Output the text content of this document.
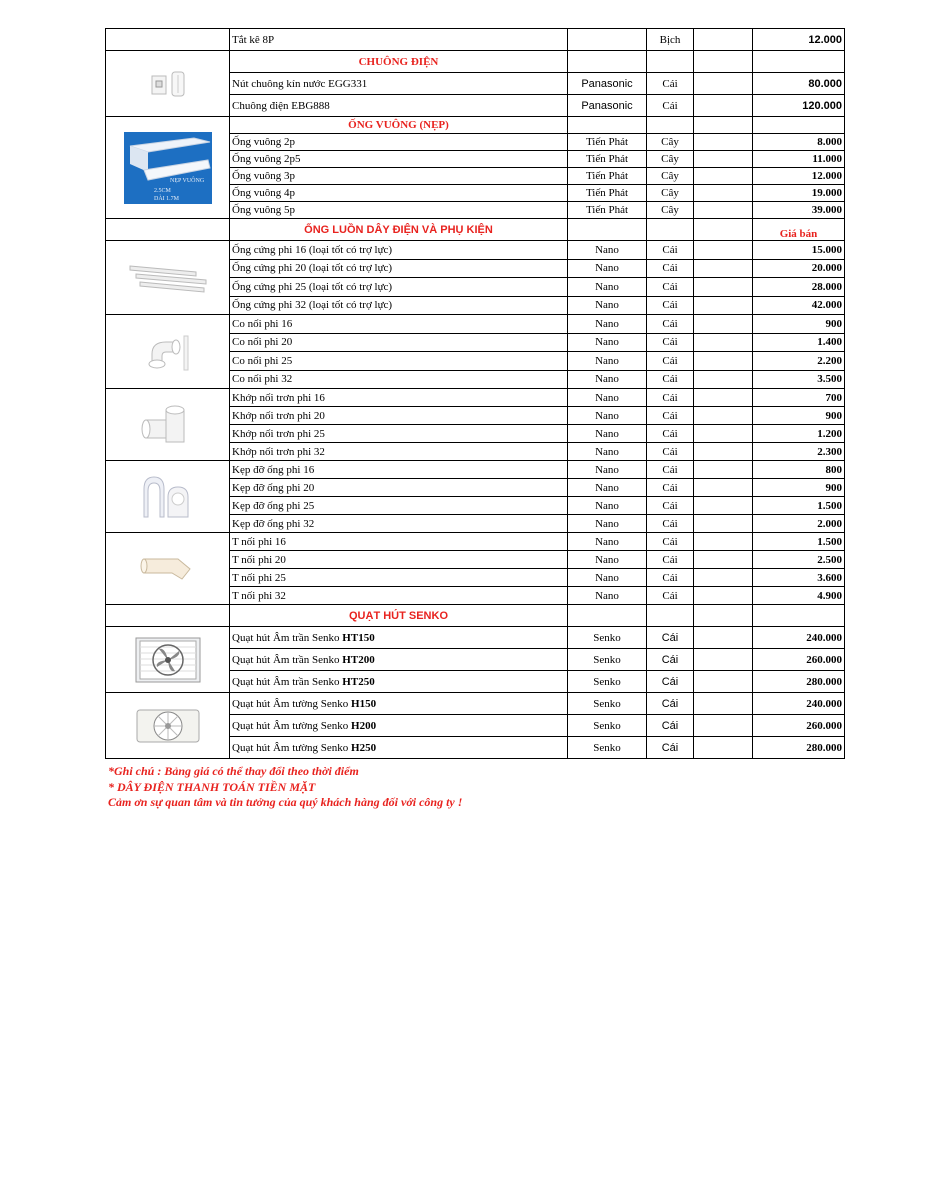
	Tắt kê 8P		Bịch		12.000

	CHUÔNG ĐIỆN				
	Nút chuông kín nước EGG331	Panasonic	Cái		80.000
	Chuông điện EBG888	Panasonic	Cái		120.000

NẸP VUÔNG
2.5CM
DÀI 1.7M	ỐNG VUÔNG (NẸP)				
	Ống vuông 2p	Tiến Phát	Cây		8.000
	Ống vuông 2p5	Tiến Phát	Cây		11.000
	Ống vuông 3p	Tiến Phát	Cây		12.000
	Ống vuông 4p	Tiến Phát	Cây		19.000
	Ống vuông 5p	Tiến Phát	Cây		39.000
	ỐNG LUỒN DÂY ĐIỆN VÀ PHỤ KIỆN				Giá bán

	Ống cứng phi 16 (loại tốt có trợ lực)	Nano	Cái		15.000
	Ống cứng phi 20 (loại tốt có trợ lực)	Nano	Cái		20.000
	Ống cứng phi 25 (loại tốt có trợ lực)	Nano	Cái		28.000
	Ống cứng phi 32 (loại tốt có trợ lực)	Nano	Cái		42.000

	Co nối phi 16	Nano	Cái		900
	Co nối phi 20	Nano	Cái		1.400
	Co nối phi 25	Nano	Cái		2.200
	Co nối phi 32	Nano	Cái		3.500

	Khớp nối trơn phi 16	Nano	Cái		700
	Khớp nối trơn phi 20	Nano	Cái		900
	Khớp nối trơn phi 25	Nano	Cái		1.200
	Khớp nối trơn phi 32	Nano	Cái		2.300

	Kẹp đỡ ống phi 16	Nano	Cái		800
	Kẹp đỡ ống phi 20	Nano	Cái		900
	Kẹp đỡ ống phi 25	Nano	Cái		1.500
	Kẹp đỡ ống phi 32	Nano	Cái		2.000

	T nối phi 16	Nano	Cái		1.500
	T nối phi 20	Nano	Cái		2.500
	T nối phi 25	Nano	Cái		3.600
	T nối phi 32	Nano	Cái		4.900
	QUẠT HÚT SENKO				

	Quạt hút Âm trần Senko HT150	Senko	Cái		240.000
	Quạt hút Âm trần Senko HT200	Senko	Cái		260.000
	Quạt hút Âm trần Senko HT250	Senko	Cái		280.000

	Quạt hút Âm tường Senko H150	Senko	Cái		240.000
	Quạt hút Âm tường Senko H200	Senko	Cái		260.000
	Quạt hút Âm tường Senko H250	Senko	Cái		280.000
*Ghi chú : Bảng giá có thể thay đổi theo thời điểm
* DÂY ĐIỆN THANH TOÁN TIỀN MẶT
Cảm ơn sự quan tâm và tin tưởng của quý khách hàng đối với công ty !
